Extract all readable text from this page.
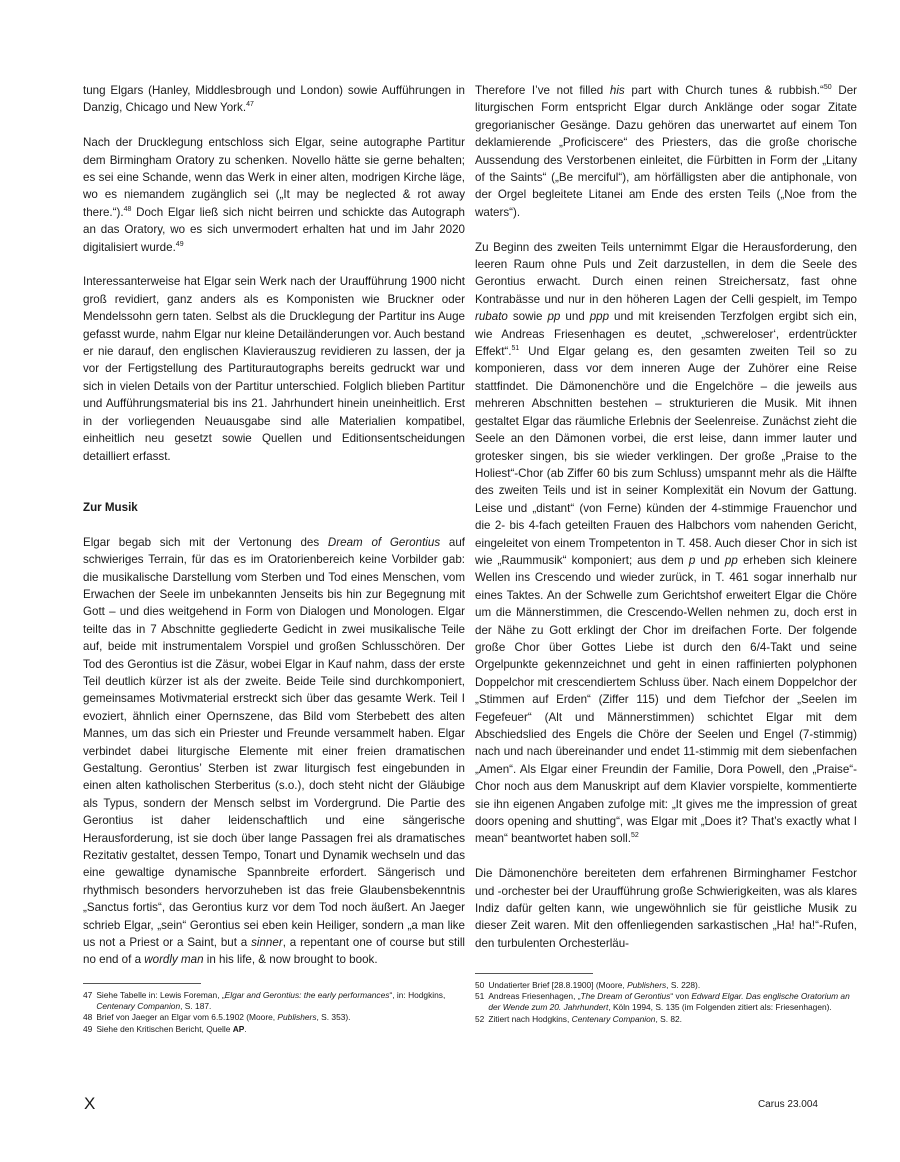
tung Elgars (Hanley, Middlesbrough und London) sowie Aufführungen in Danzig, Chicago und New York.$^{47}$

Nach der Drucklegung entschloss sich Elgar, seine autographe Partitur dem Birmingham Oratory zu schenken. Novello hätte sie gerne behalten; es sei eine Schande, wenn das Werk in einer alten, modrigen Kirche läge, wo es niemandem zugänglich sei („It may be neglected & rot away there.“).$^{48}$ Doch Elgar ließ sich nicht beirren und schickte das Autograph an das Oratory, wo es sich unvermodert erhalten hat und im Jahr 2020 digitalisiert wurde.$^{49}$

Interessanterweise hat Elgar sein Werk nach der Uraufführung 1900 nicht groß revidiert, ganz anders als es Komponisten wie Bruckner oder Mendelssohn gern taten. Selbst als die Drucklegung der Partitur ins Auge gefasst wurde, nahm Elgar nur kleine Detailänderungen vor. Auch bestand er nie darauf, den englischen Klavierauszug revidieren zu lassen, der ja vor der Fertigstellung des Partiturautographs bereits gedruckt war und sich in vielen Details von der Partitur unterschied. Folglich blieben Partitur und Aufführungsmaterial bis ins 21. Jahrhundert hinein uneinheitlich. Erst in der vorliegenden Neuausgabe sind alle Materialien kompatibel, einheitlich neu gesetzt sowie Quellen und Editionsentscheidungen detailliert erfasst.

Zur Musik

Elgar begab sich mit der Vertonung des Dream of Gerontius auf schwieriges Terrain, für das es im Oratorienbereich keine Vorbilder gab: die musikalische Darstellung vom Sterben und Tod eines Menschen, vom Erwachen der Seele im unbekannten Jenseits bis hin zur Begegnung mit Gott – und dies weitgehend in Form von Dialogen und Monologen. Elgar teilte das in 7 Abschnitte gegliederte Gedicht in zwei musikalische Teile auf, beide mit instrumentalem Vorspiel und großen Schlusschören. Der Tod des Gerontius ist die Zäsur, wobei Elgar in Kauf nahm, dass der erste Teil deutlich kürzer ist als der zweite. Beide Teile sind durchkomponiert, gemeinsames Motivmaterial erstreckt sich über das gesamte Werk. Teil I evoziert, ähnlich einer Opernszene, das Bild vom Sterbebett des alten Mannes, um das sich ein Priester und Freunde versammelt haben. Elgar verbindet dabei liturgische Elemente mit einer freien dramatischen Gestaltung. Gerontius’ Sterben ist zwar liturgisch fest eingebunden in einen alten katholischen Sterberitus (s.o.), doch steht nicht der Gläubige als Typus, sondern der Mensch selbst im Vordergrund. Die Partie des Gerontius ist daher leidenschaftlich und eine sängerische Herausforderung, ist sie doch über lange Passagen frei als dramatisches Rezitativ gestaltet, dessen Tempo, Tonart und Dynamik wechseln und das eine gewaltige dynamische Spannbreite erfordert. Sängerisch und rhythmisch besonders hervorzuheben ist das freie Glaubensbekenntnis „Sanctus fortis“, das Gerontius kurz vor dem Tod noch äußert. An Jaeger schrieb Elgar, „sein“ Gerontius sei eben kein Heiliger, sondern „a man like us not a Priest or a Saint, but a sinner, a repentant one of course but still no end of a wordly man in his life, & now brought to book.

Therefore I’ve not filled his part with Church tunes & rubbish.“$^{50}$ Der liturgischen Form entspricht Elgar durch Anklänge oder sogar Zitate gregorianischer Gesänge. Dazu gehören das unerwartet auf einem Ton deklamierende „Proficiscere“ des Priesters, das die große chorische Aussendung des Verstorbenen einleitet, die Fürbitten in Form der „Litany of the Saints“ („Be merciful“), am hörfälligsten aber die antiphonale, von der Orgel begleitete Litanei am Ende des ersten Teils („Noe from the waters“).

Zu Beginn des zweiten Teils unternimmt Elgar die Herausforderung, den leeren Raum ohne Puls und Zeit darzustellen, in dem die Seele des Gerontius erwacht. Durch einen reinen Streichersatz, fast ohne Kontrabässe und nur in den höheren Lagen der Celli gespielt, im Tempo rubato sowie pp und ppp und mit kreisenden Terzfolgen ergibt sich ein, wie Andreas Friesenhagen es deutet, „schwereloser‘, erdentrückter Effekt“.$^{51}$ Und Elgar gelang es, den gesamten zweiten Teil so zu komponieren, dass vor dem inneren Auge der Zuhörer eine Reise stattfindet. Die Dämonenchöre und die Engelchöre – die jeweils aus mehreren Abschnitten bestehen – strukturieren die Musik. Mit ihnen gestaltet Elgar das räumliche Erlebnis der Seelenreise. Zunächst zieht die Seele an den Dämonen vorbei, die erst leise, dann immer lauter und grotesker singen, bis sie wieder verklingen. Der große „Praise to the Holiest“-Chor (ab Ziffer 60 bis zum Schluss) umspannt mehr als die Hälfte des zweiten Teils und ist in seiner Komplexität ein Novum der Gattung. Leise und „distant“ (von Ferne) künden der 4-stimmige Frauenchor und die 2- bis 4-fach geteilten Frauen des Halbchors vom nahenden Gericht, eingeleitet von einem Trompetenton in T. 458. Auch dieser Chor in sich ist wie „Raummusik“ komponiert; aus dem p und pp erheben sich kleinere Wellen ins Crescendo und wieder zurück, in T. 461 sogar innerhalb nur eines Taktes. An der Schwelle zum Gerichtshof erweitert Elgar die Chöre um die Männerstimmen, die Crescendo-Wellen nehmen zu, doch erst in der Nähe zu Gott erklingt der Chor im dreifachen Forte. Der folgende große Chor über Gottes Liebe ist durch den 6/4-Takt und seine Orgelpunkte gekennzeichnet und geht in einen raffinierten polyphonen Doppelchor mit crescendiertem Schluss über. Nach einem Doppelchor der „Stimmen auf Erden“ (Ziffer 115) und dem Tiefchor der „Seelen im Fegefeuer“ (Alt und Männerstimmen) schichtet Elgar mit dem Abschiedslied des Engels die Chöre der Seelen und Engel (7-stimmig) nach und nach übereinander und endet 11-stimmig mit dem siebenfachen „Amen“. Als Elgar einer Freundin der Familie, Dora Powell, den „Praise“-Chor noch aus dem Manuskript auf dem Klavier vorspielte, kommentierte sie ihn eigenen Angaben zufolge mit: „It gives me the impression of great doors opening and shutting“, was Elgar mit „Does it? That’s exactly what I mean“ beantwortet haben soll.$^{52}$

Die Dämonenchöre bereiteten dem erfahrenen Birminghamer Festchor und -orchester bei der Uraufführung große Schwierigkeiten, was als klares Indiz dafür gelten kann, wie ungewöhnlich sie für geistliche Musik zu dieser Zeit waren. Mit den offenliegenden sarkastischen „Ha! ha!“-Rufen, den turbulenten Orchesterläu-

47 Siehe Tabelle in: Lewis Foreman, „Elgar and Gerontius: the early performances“, in: Hodgkins, Centenary Companion, S. 187.
48 Brief von Jaeger an Elgar vom 6.5.1902 (Moore, Publishers, S. 353).
49 Siehe den Kritischen Bericht, Quelle AP.
50 Undatierter Brief [28.8.1900] (Moore, Publishers, S. 228).
51 Andreas Friesenhagen, „The Dream of Gerontius“ von Edward Elgar. Das englische Oratorium an der Wende zum 20. Jahrhundert, Köln 1994, S. 135 (im Folgenden zitiert als: Friesenhagen).
52 Zitiert nach Hodgkins, Centenary Companion, S. 82.
X	Carus 23.004
